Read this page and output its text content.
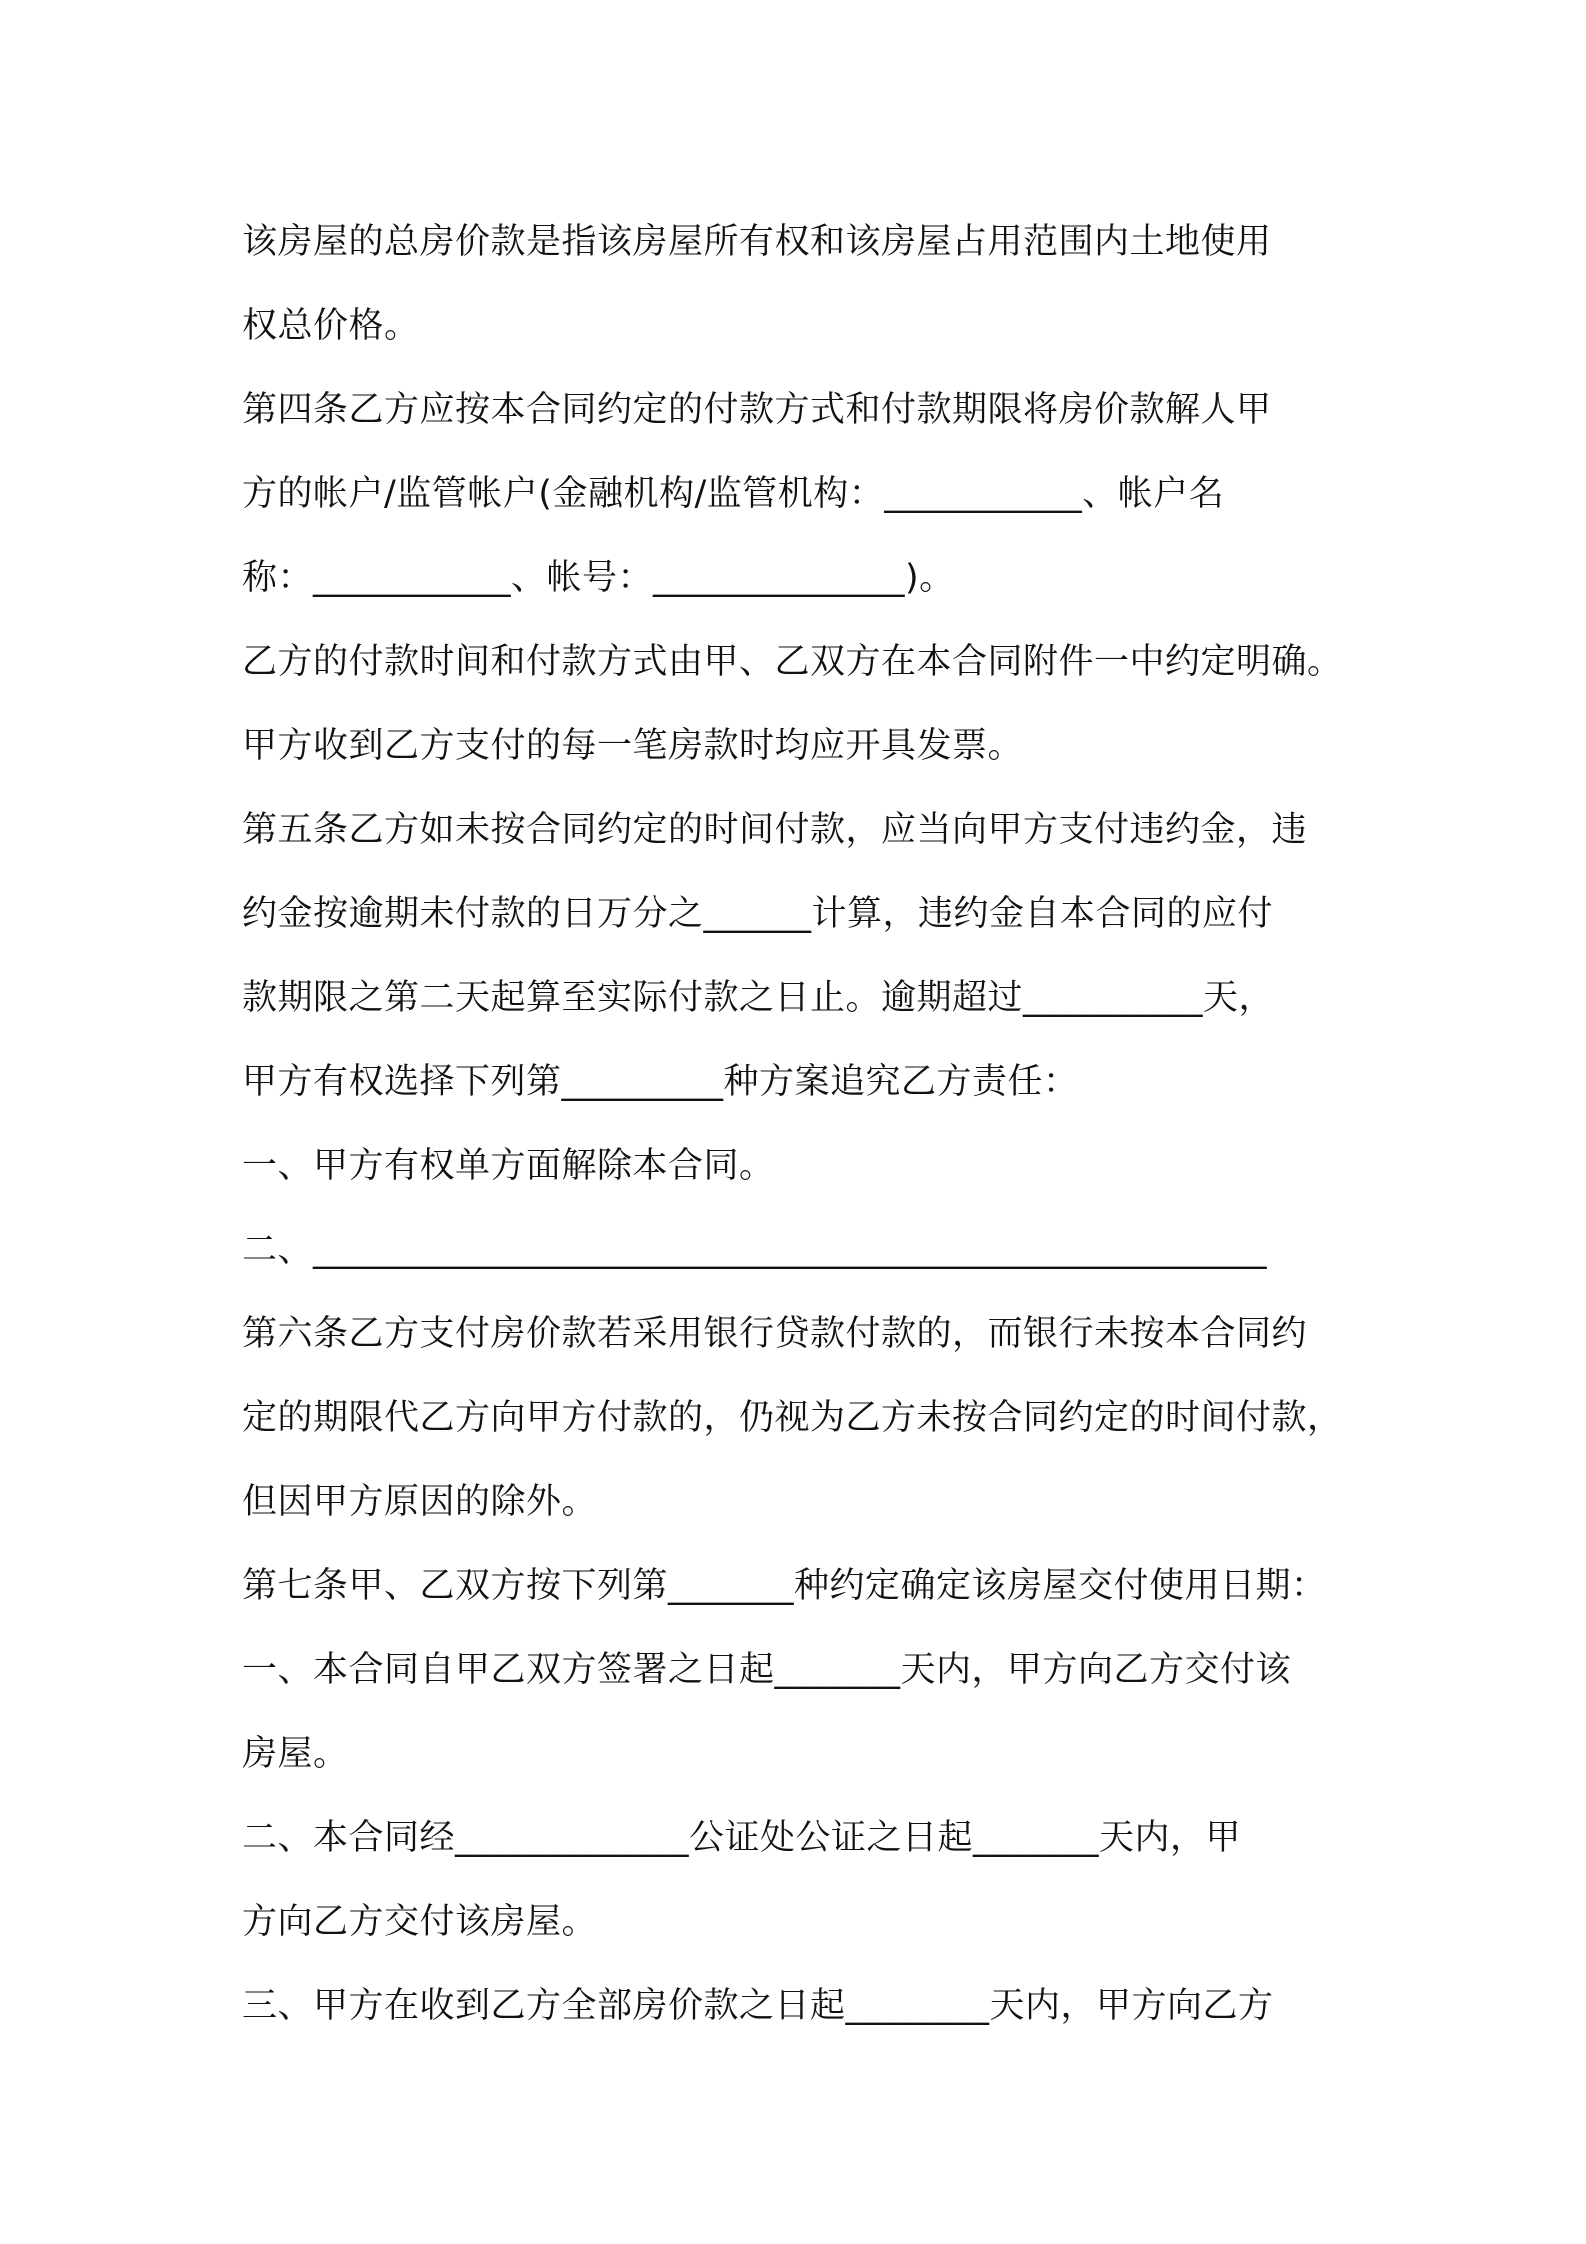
该房屋的总房价款是指该房屋所有权和该房屋占用范围内土地使用
权总价格。
第四条乙方应按本合同约定的付款方式和付款期限将房价款解人甲
方的帐户/监管帐户(金融机构/监管机构：___________、帐户名
称：___________、帐号：______________)。
乙方的付款时间和付款方式由甲、乙双方在本合同附件一中约定明确。
甲方收到乙方支付的每一笔房款时均应开具发票。
第五条乙方如未按合同约定的时间付款，应当向甲方支付违约金，违
约金按逾期未付款的日万分之______计算，违约金自本合同的应付
款期限之第二天起算至实际付款之日止。逾期超过__________天，
甲方有权选择下列第_________种方案追究乙方责任：
一、甲方有权单方面解除本合同。
二、_____________________________________________________
第六条乙方支付房价款若采用银行贷款付款的，而银行未按本合同约
定的期限代乙方向甲方付款的，仍视为乙方未按合同约定的时间付款，
但因甲方原因的除外。
第七条甲、乙双方按下列第_______种约定确定该房屋交付使用日期：
一、本合同自甲乙双方签署之日起_______天内，甲方向乙方交付该
房屋。
二、本合同经_____________公证处公证之日起_______天内，甲
方向乙方交付该房屋。
三、甲方在收到乙方全部房价款之日起________天内，甲方向乙方
